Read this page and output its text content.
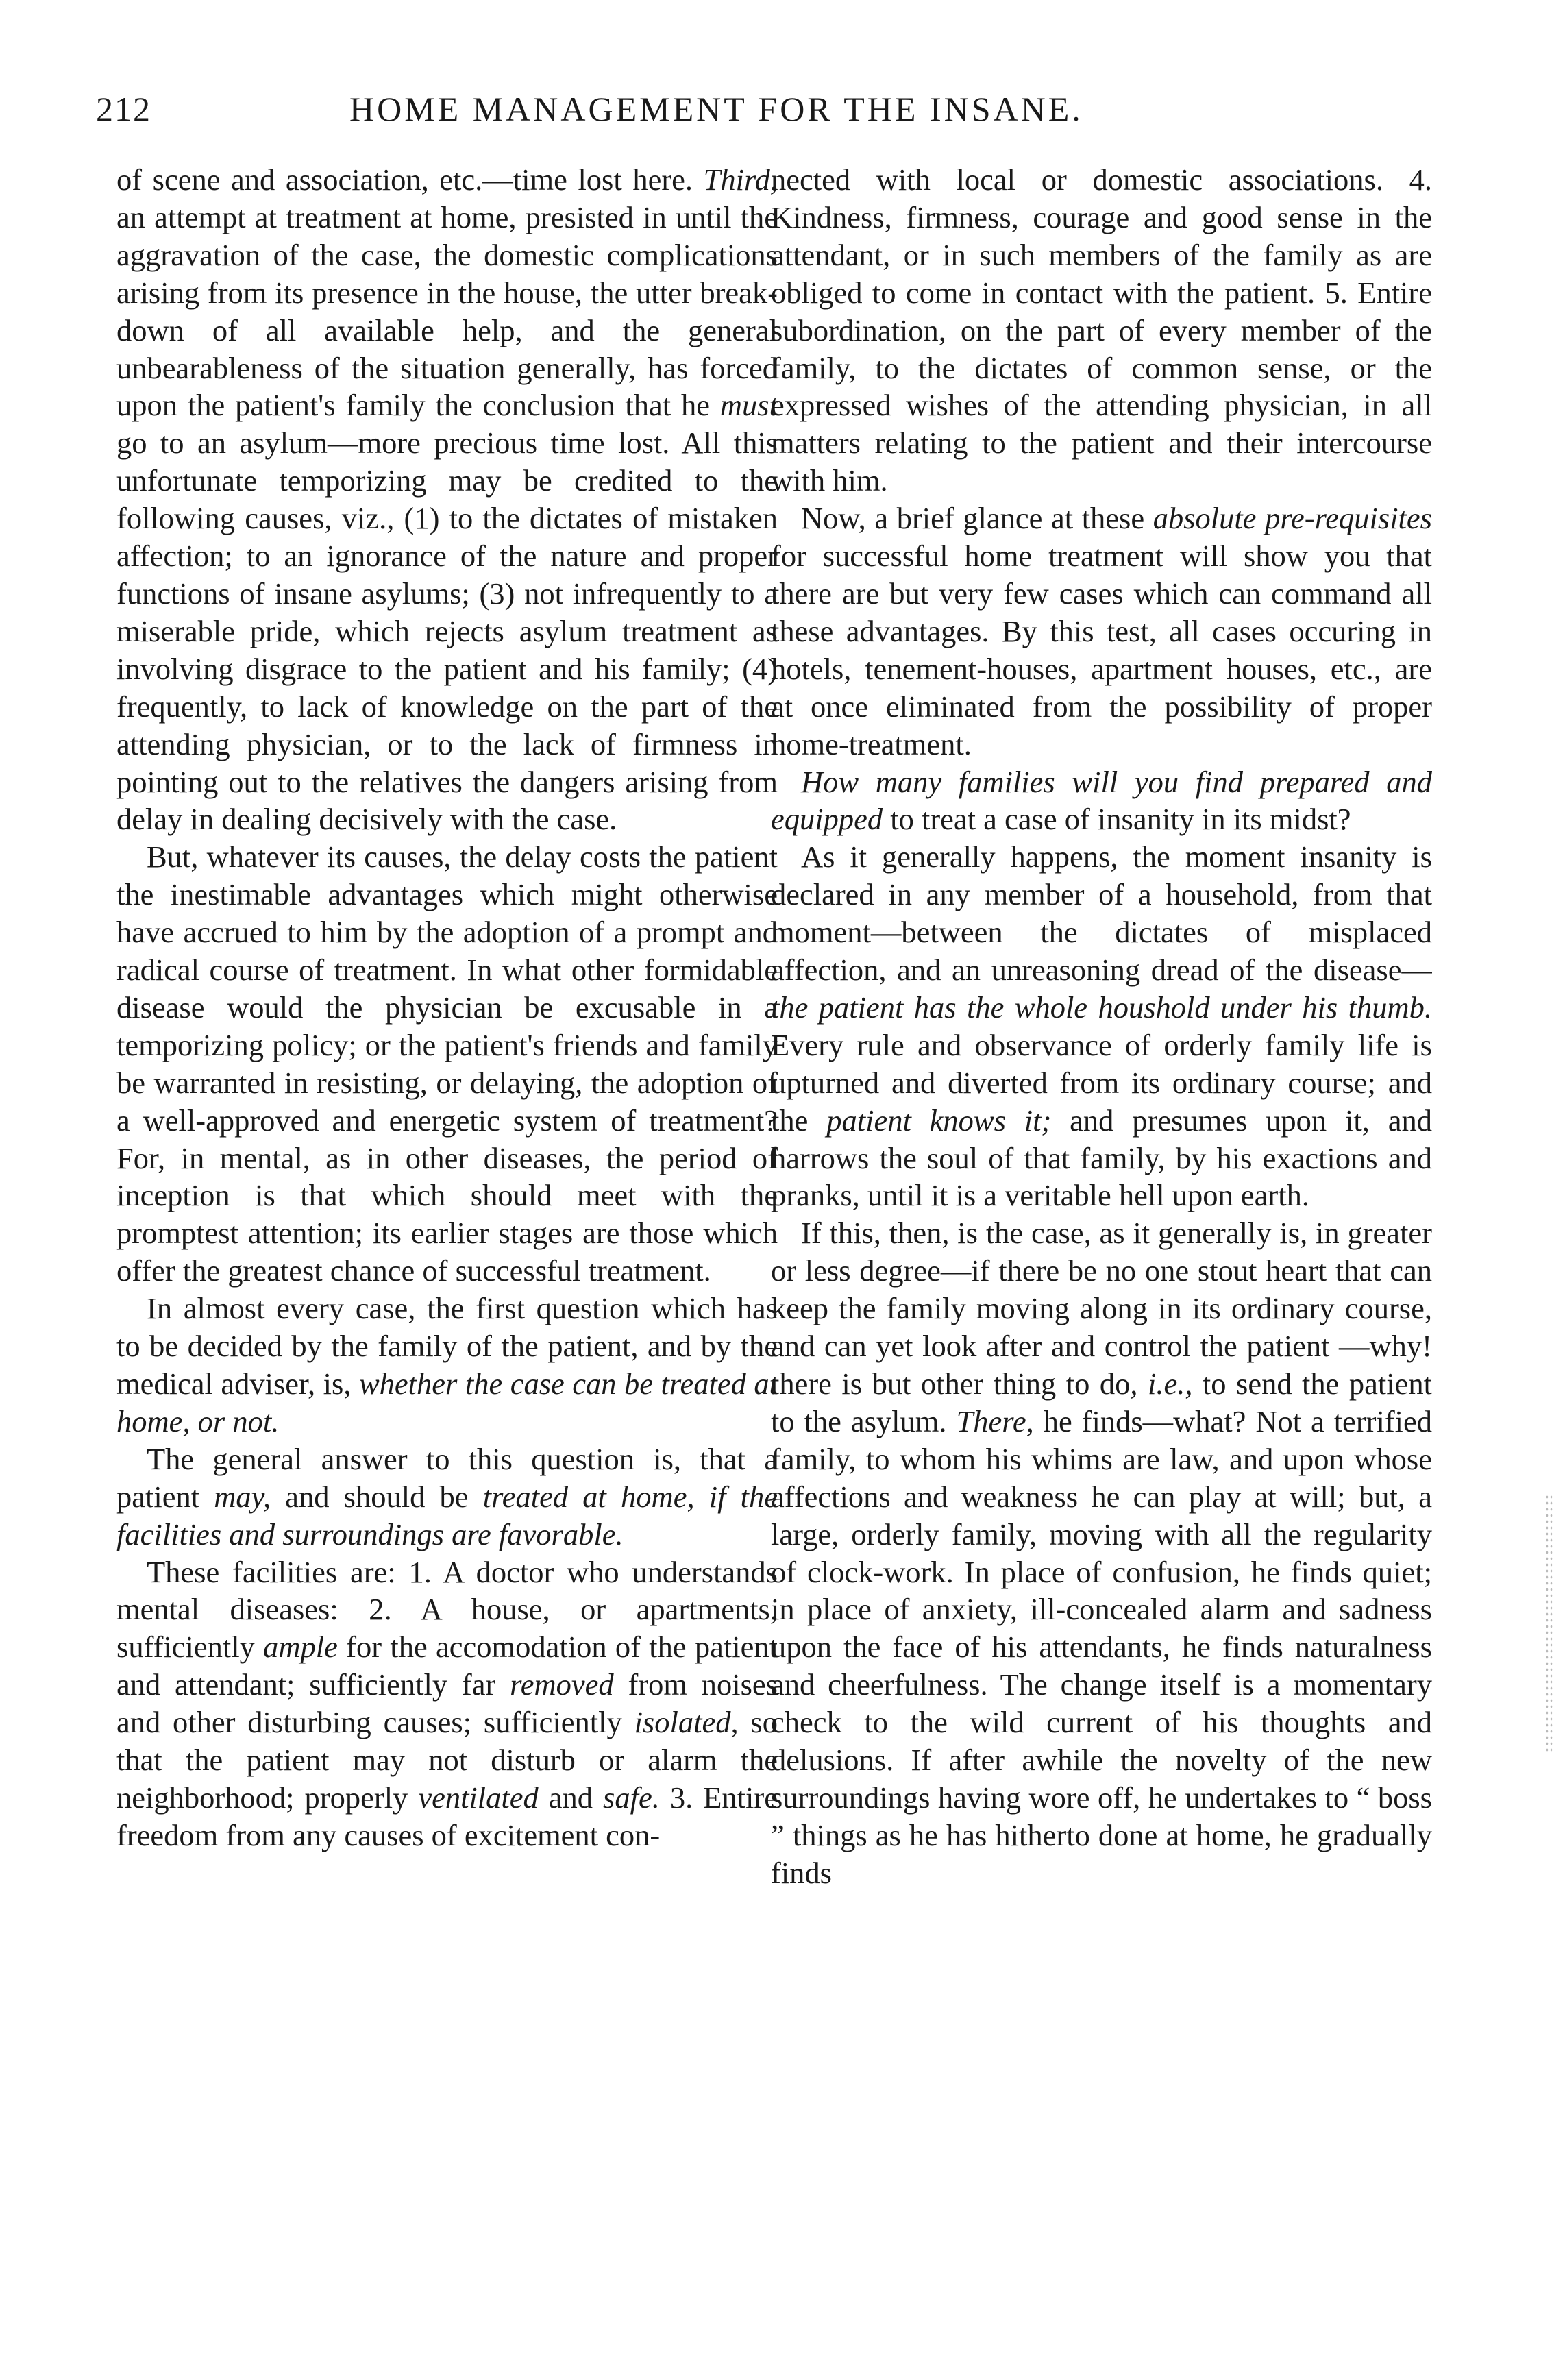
212	HOME MANAGEMENT FOR THE INSANE.

of scene and association, etc.—time lost here. Third, an attempt at treatment at home, presisted in until the aggravation of the case, the domestic complications arising from its presence in the house, the utter break-down of all available help, and the general unbearableness of the situation generally, has forced upon the patient's family the conclusion that he must go to an asylum—more precious time lost. All this unfortunate temporizing may be credited to the following causes, viz., (1) to the dictates of mistaken affection; to an ignorance of the nature and proper functions of insane asylums; (3) not infrequently to a miserable pride, which rejects asylum treatment as involving disgrace to the patient and his family; (4) frequently, to lack of knowledge on the part of the attending physician, or to the lack of firmness in pointing out to the relatives the dangers arising from delay in dealing decisively with the case.

But, whatever its causes, the delay costs the patient the inestimable advantages which might otherwise have accrued to him by the adoption of a prompt and radical course of treatment. In what other formidable disease would the physician be excusable in a temporizing policy; or the patient's friends and family be warranted in resisting, or delaying, the adoption of a well-approved and energetic system of treatment? For, in mental, as in other diseases, the period of inception is that which should meet with the promptest attention; its earlier stages are those which offer the greatest chance of successful treatment.

In almost every case, the first question which has to be decided by the family of the patient, and by the medical adviser, is, whether the case can be treated at home, or not.

The general answer to this question is, that a patient may, and should be treated at home, if the facilities and surroundings are favorable.

These facilities are: 1. A doctor who understands mental diseases: 2. A house, or apartments, sufficiently ample for the accomodation of the patient and attendant; sufficiently far removed from noises and other disturbing causes; sufficiently isolated, so that the patient may not disturb or alarm the neighborhood; properly ventilated and safe. 3. Entire freedom from any causes of excitement con-

nected with local or domestic associations. 4. Kindness, firmness, courage and good sense in the attendant, or in such members of the family as are obliged to come in contact with the patient. 5. Entire subordination, on the part of every member of the family, to the dictates of common sense, or the expressed wishes of the attending physician, in all matters relating to the patient and their intercourse with him.

Now, a brief glance at these absolute pre-requisites for successful home treatment will show you that there are but very few cases which can command all these advantages. By this test, all cases occuring in hotels, tenement-houses, apartment houses, etc., are at once eliminated from the possibility of proper home-treatment.

How many families will you find prepared and equipped to treat a case of insanity in its midst?

As it generally happens, the moment insanity is declared in any member of a household, from that moment—between the dictates of misplaced affection, and an unreasoning dread of the disease—the patient has the whole houshold under his thumb. Every rule and observance of orderly family life is upturned and diverted from its ordinary course; and the patient knows it; and presumes upon it, and harrows the soul of that family, by his exactions and pranks, until it is a veritable hell upon earth.

If this, then, is the case, as it generally is, in greater or less degree—if there be no one stout heart that can keep the family moving along in its ordinary course, and can yet look after and control the patient —why! there is but other thing to do, i.e., to send the patient to the asylum. There, he finds—what? Not a terrified family, to whom his whims are law, and upon whose affections and weakness he can play at will; but, a large, orderly family, moving with all the regularity of clock-work. In place of confusion, he finds quiet; in place of anxiety, ill-concealed alarm and sadness upon the face of his attendants, he finds naturalness and cheerfulness. The change itself is a momentary check to the wild current of his thoughts and delusions. If after awhile the novelty of the new surroundings having wore off, he undertakes to “ boss ” things as he has hitherto done at home, he gradually finds
